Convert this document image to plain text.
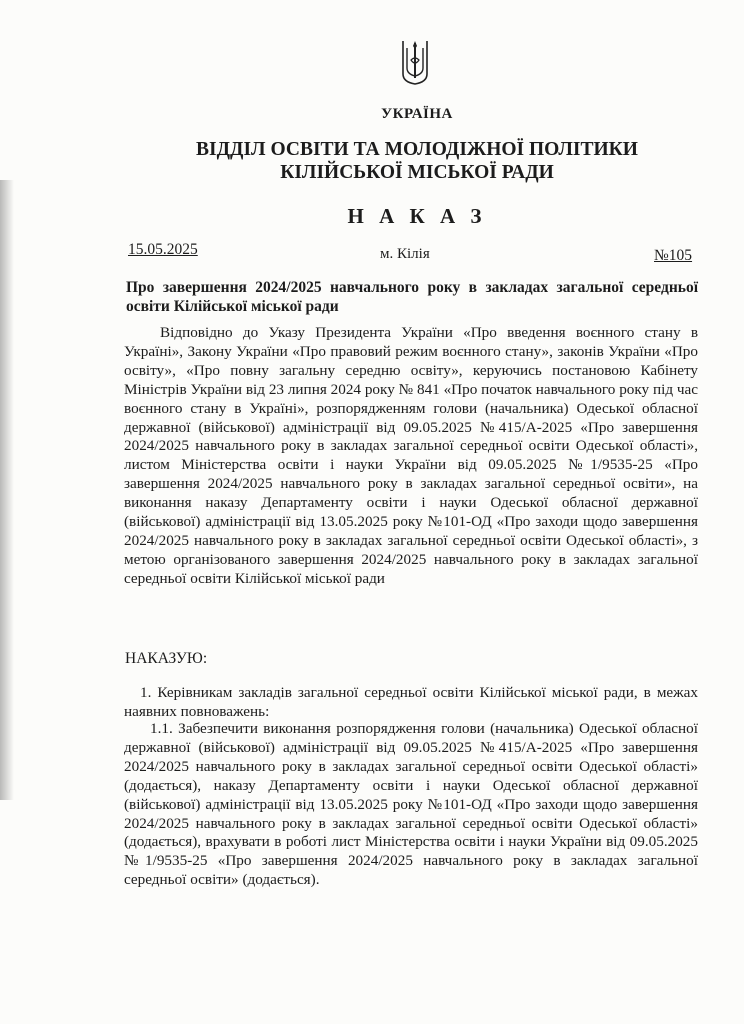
УКРАЇНА
ВІДДІЛ ОСВІТИ ТА МОЛОДІЖНОЇ ПОЛІТИКИ
КІЛІЙСЬКОЇ МІСЬКОЇ РАДИ
Н А К А З
15.05.2025	м. Кілія	№105
Про завершення 2024/2025 навчального року в закладах загальної середньої освіти Кілійської міської ради
Відповідно до Указу Президента України «Про введення воєнного стану в Україні», Закону України «Про правовий режим воєнного стану», законів України «Про освіту», «Про повну загальну середню освіту», керуючись постановою Кабінету Міністрів України від 23 липня 2024 року № 841 «Про початок навчального року під час воєнного стану в Україні», розпорядженням голови (начальника) Одеської обласної державної (військової) адміністрації від 09.05.2025 №415/А-2025 «Про завершення 2024/2025 навчального року в закладах загальної середньої освіти Одеської області», листом Міністерства освіти і науки України від 09.05.2025 №1/9535-25 «Про завершення 2024/2025 навчального року в закладах загальної середньої освіти», на виконання наказу Департаменту освіти і науки Одеської обласної державної (військової) адміністрації від 13.05.2025 року №101-ОД «Про заходи щодо завершення 2024/2025 навчального року в закладах загальної середньої освіти Одеської області», з метою організованого завершення 2024/2025 навчального року в закладах загальної середньої освіти Кілійської міської ради
НАКАЗУЮ:
1. Керівникам закладів загальної середньої освіти Кілійської міської ради, в межах наявних повноважень:
1.1. Забезпечити виконання розпорядження голови (начальника) Одеської обласної державної (військової) адміністрації від 09.05.2025 №415/А-2025 «Про завершення 2024/2025 навчального року в закладах загальної середньої освіти Одеської області» (додається), наказу Департаменту освіти і науки Одеської обласної державної (військової) адміністрації від 13.05.2025 року №101-ОД «Про заходи щодо завершення 2024/2025 навчального року в закладах загальної середньої освіти Одеської області» (додається), врахувати в роботі лист Міністерства освіти і науки України від 09.05.2025 №1/9535-25 «Про завершення 2024/2025 навчального року в закладах загальної середньої освіти» (додається).
